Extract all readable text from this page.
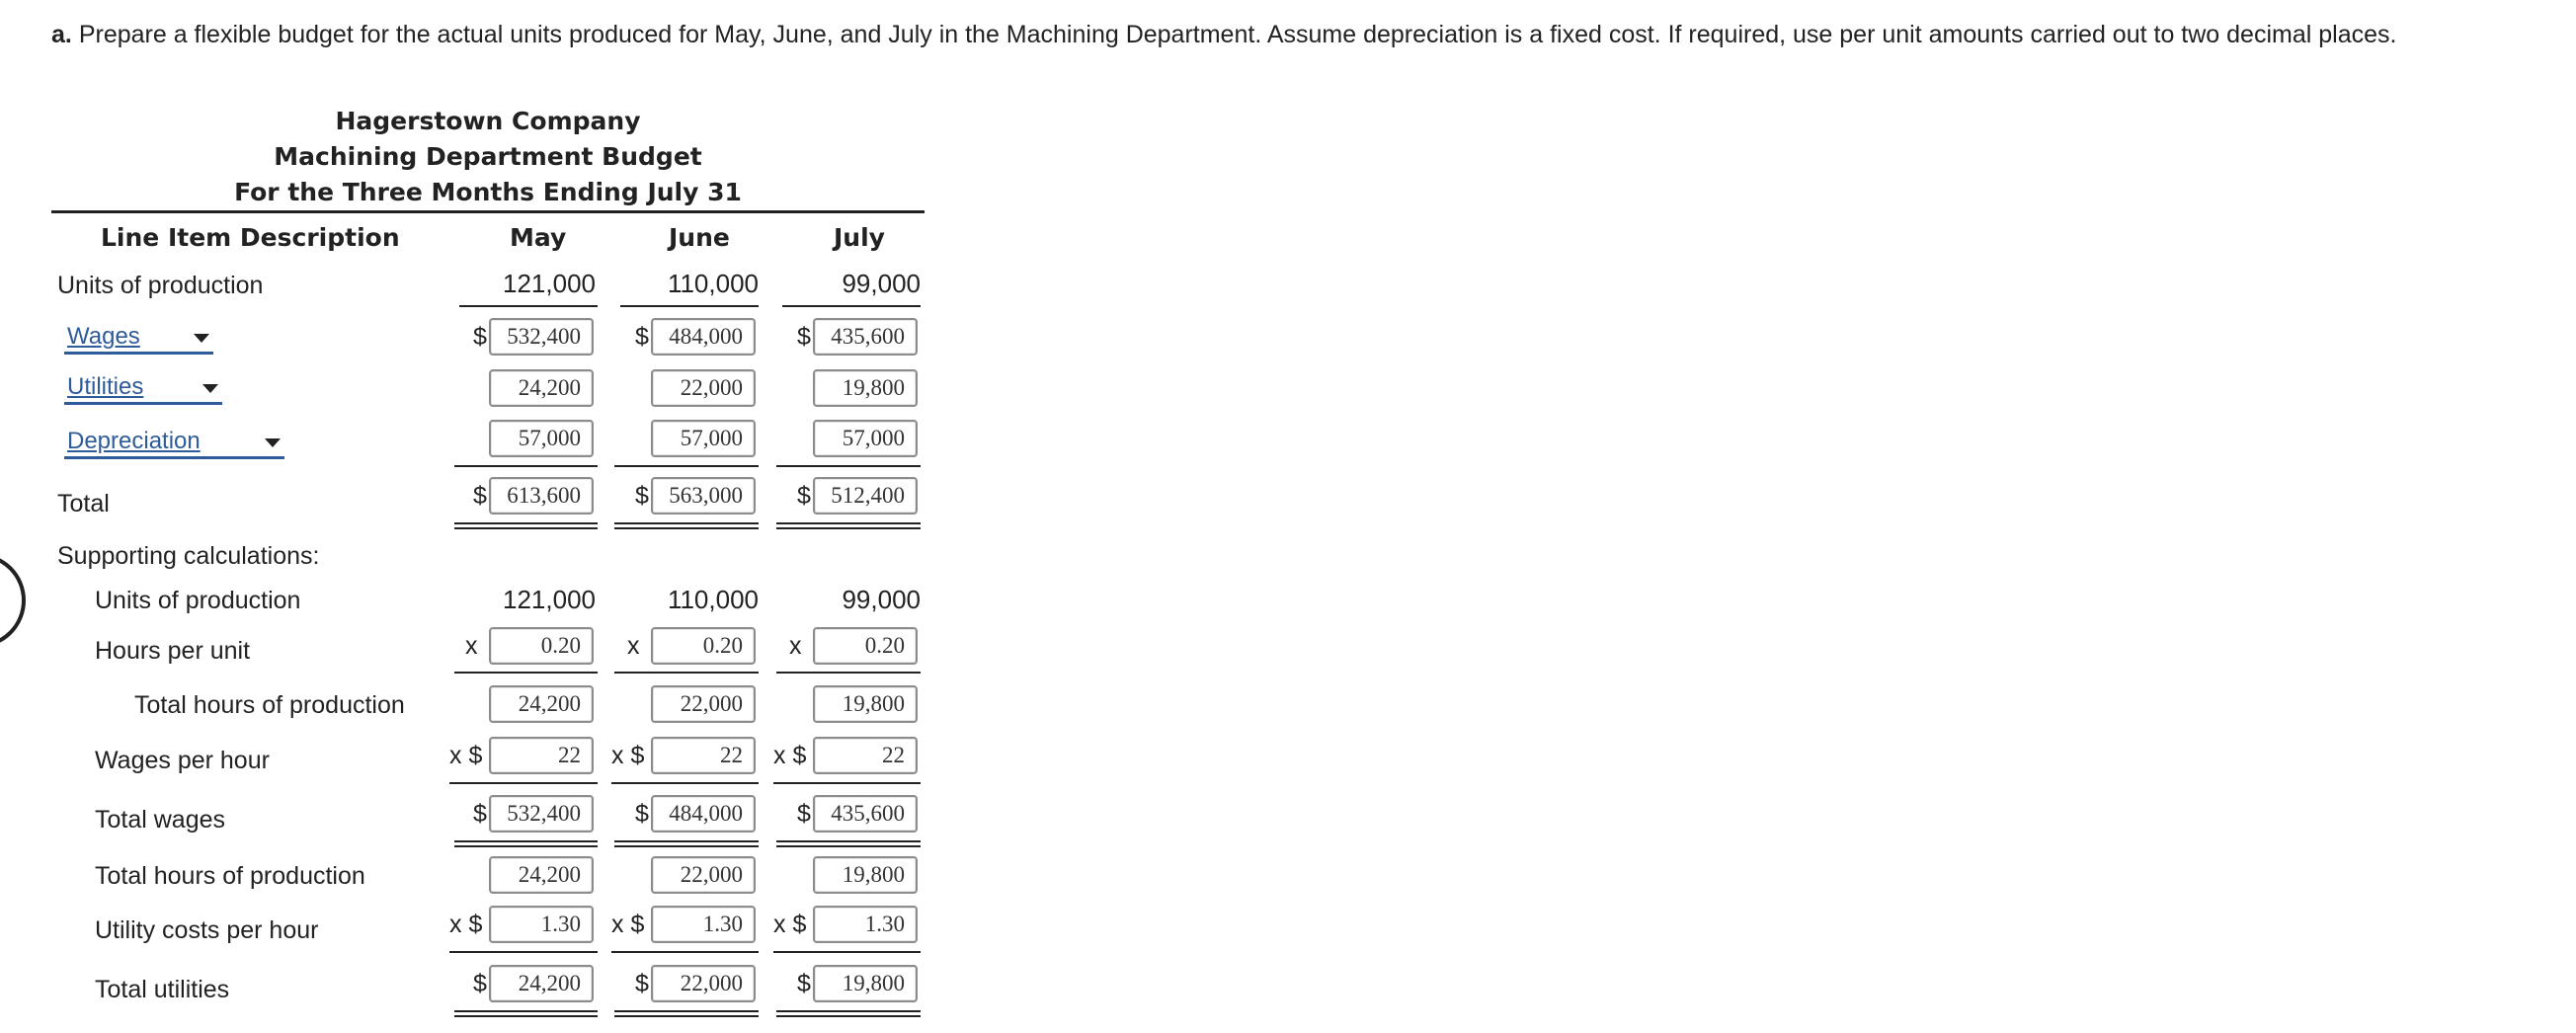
a. Prepare a flexible budget for the actual units produced for May, June, and July in the Machining Department. Assume depreciation is a fixed cost. If required, use per unit amounts carried out to two decimal places.
Hagerstown Company
Machining Department Budget
For the Three Months Ending July 31
Line Item Description	May	June	July
Units of production	121,000	110,000	99,000
Wages	$ 532,400	$ 484,000	$ 435,600
Utilities	24,200	22,000	19,800
Depreciation	57,000	57,000	57,000
Total	$ 613,600	$ 563,000	$ 512,400
Supporting calculations:
Units of production	121,000	110,000	99,000
Hours per unit	x	0.20	x	0.20	x	0.20
Total hours of production	24,200	22,000	19,800
Wages per hour	x $	22	x $	22	x $	22
Total wages	$ 532,400	$ 484,000	$ 435,600
Total hours of production	24,200	22,000	19,800
Utility costs per hour	x $	1.30	x $	1.30	x $	1.30
Total utilities	$	24,200	$	22,000	$	19,800
